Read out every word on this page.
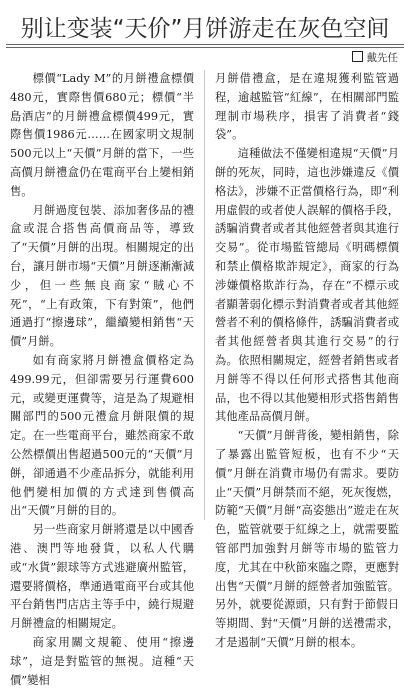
别让变装“天价”月饼游走在灰色空间
戴先任

標價“Lady M”的月餅禮盒標價480元，實際售價680元；標價“半島酒店”的月餅禮盒標價499元，實際售價1986元……在國家明文規制500元以上“天價”月餅的當下，一些高價月餅禮盒仍在電商平台上變相銷售。

月餅過度包裝、添加奢侈品的禮盒或混合搭售高價商品等，導致了“天價”月餅的出現。相關規定的出台，讓月餅市場“天價”月餅逐漸漸減少，但一些無良商家“賊心不死”，“上有政策，下有對策”，他們通過打“擦邊球”，繼續變相銷售“天價”月餅。

如有商家將月餅禮盒價格定為499.99元，但卻需要另行運費600元，或變更運費等，這是為了規避相關部門的500元禮盒月餅限價的規定。在一些電商平台，雖然商家不敢公然標價出售超過500元的“天價”月餅，卻通過不少產品拆分，就能利用他們變相加價的方式達到售價高出“天價”月餅的目的。

另一些商家月餅將還是以中國香港、澳門等地發貨，以私人代購或“水貨”銀球等方式逃避廣州監管，還要將價格，準通過電商平台或其他平台銷售門店店主等手中，繞行規避月餅禮盒的相關規定。

商家用關文規範、使用“擦邊球”，這是對監管的無視。這種“天價”變相

月餅借禮盒，是在違規獲利監管過程，逾越監管“紅線”，在相關部門監理制市場秩序，損害了消費者“錢袋”。

這種做法不僅變相違規“天價”月餅的死灰，同時，這也涉嫌違反《價格法》，涉嫌不正當價格行為，即“利用虛假的或者使人誤解的價格手段，誘騙消費者或者其他經營者與其進行交易”。從市場監管總局《明碼標價和禁止價格欺詐規定》，商家的行為涉嫌價格欺詐行為，存在“不標示或者顯著弱化標示對消費者或者其他經營者不利的價格條件，誘騙消費者或者其他經營者與其進行交易”的行為。依照相關規定，經營者銷售或者月餅等不得以任何形式搭售其他商品，也不得以其他變相形式搭售銷售其他產品高價月餅。

“天價”月餅背後，變相銷售，除了暴露出監管短板，也有不少“天價”月餅在消費市場仍有需求。要防止“天價”月餅禁而不絕，死灰復燃，防範“天價”月餅“高姿態出”遊走在灰色，監管就要于紅線之上，就需要監管部門加強對月餅等市場的監管力度，尤其在中秋節來臨之際，更應對出售“天價”月餅的經營者加強監管。另外，就要從源頭，只有對于節假日等期間、對“天價”月餅的送禮需求，才是遏制“天價”月餅的根本。
